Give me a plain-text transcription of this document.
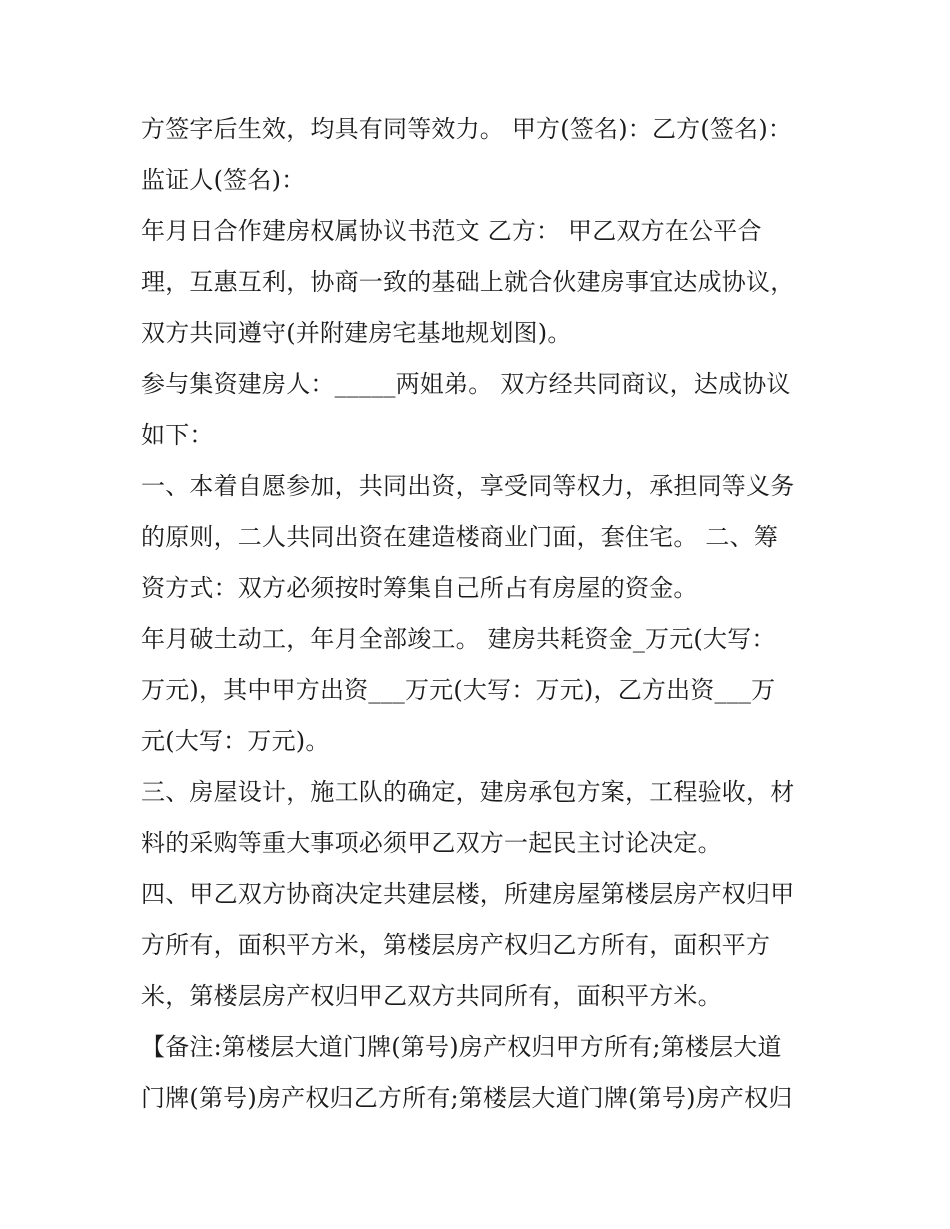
方签字后生效，均具有同等效力。 甲方(签名)：乙方(签名)：
监证人(签名)：
年月日合作建房权属协议书范文 乙方： 甲乙双方在公平合
理，互惠互利，协商一致的基础上就合伙建房事宜达成协议，
双方共同遵守(并附建房宅基地规划图)。
参与集资建房人：_____两姐弟。 双方经共同商议，达成协议
如下：
一、本着自愿参加，共同出资，享受同等权力，承担同等义务
的原则，二人共同出资在建造楼商业门面，套住宅。 二、筹
资方式：双方必须按时筹集自己所占有房屋的资金。
年月破土动工，年月全部竣工。 建房共耗资金_万元(大写：
万元)，其中甲方出资___万元(大写：万元)，乙方出资___万
元(大写：万元)。
三、房屋设计，施工队的确定，建房承包方案，工程验收，材
料的采购等重大事项必须甲乙双方一起民主讨论决定。
四、甲乙双方协商决定共建层楼，所建房屋第楼层房产权归甲
方所有，面积平方米，第楼层房产权归乙方所有，面积平方
米，第楼层房产权归甲乙双方共同所有，面积平方米。
【备注:第楼层大道门牌(第号)房产权归甲方所有;第楼层大道
门牌(第号)房产权归乙方所有;第楼层大道门牌(第号)房产权归
